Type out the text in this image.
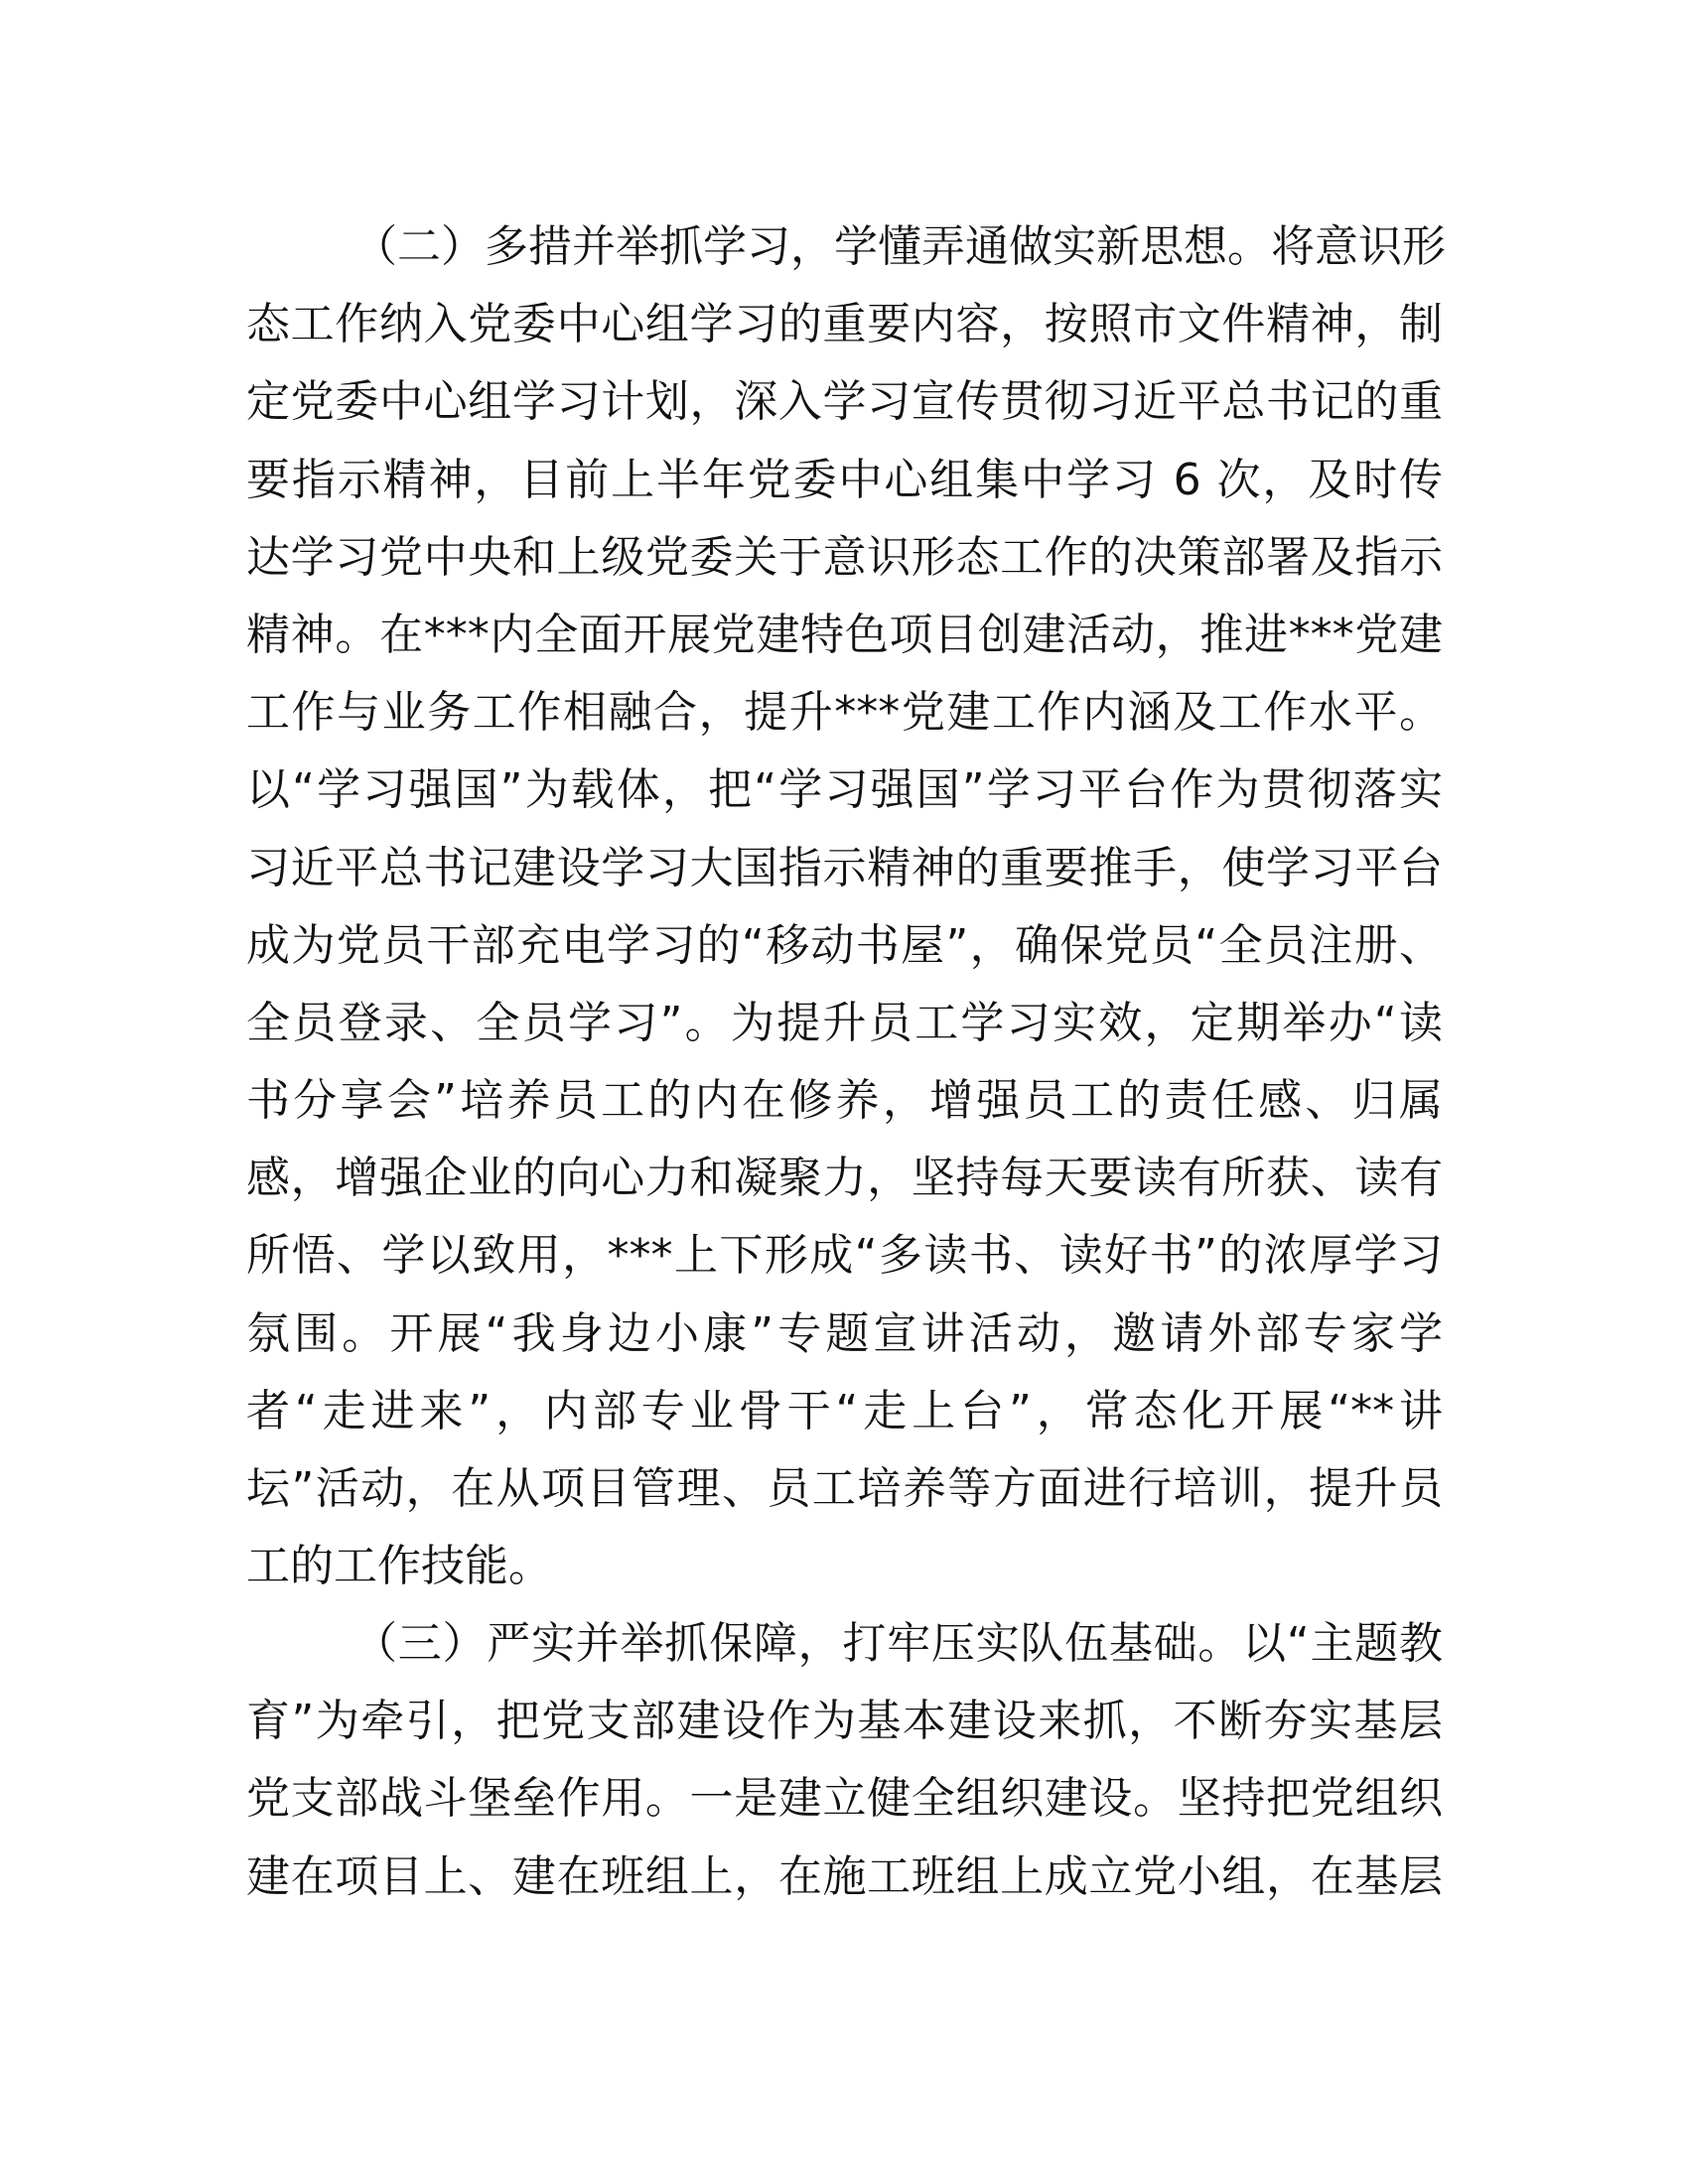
（二）多措并举抓学习，学懂弄通做实新思想。将意识形
态工作纳入党委中心组学习的重要内容，按照市文件精神，制
定党委中心组学习计划，深入学习宣传贯彻习近平总书记的重
要指示精神，目前上半年党委中心组集中学习 6 次，及时传
达学习党中央和上级党委关于意识形态工作的决策部署及指示
精神。在***内全面开展党建特色项目创建活动，推进***党建
工作与业务工作相融合，提升***党建工作内涵及工作水平。
以“学习强国”为载体，把“学习强国”学习平台作为贯彻落实
习近平总书记建设学习大国指示精神的重要推手，使学习平台
成为党员干部充电学习的“移动书屋”，确保党员“全员注册、
全员登录、全员学习”。为提升员工学习实效，定期举办“读
书分享会”培养员工的内在修养，增强员工的责任感、归属
感，增强企业的向心力和凝聚力，坚持每天要读有所获、读有
所悟、学以致用，***上下形成“多读书、读好书”的浓厚学习
氛围。开展“我身边小康”专题宣讲活动，邀请外部专家学
者“走进来”，内部专业骨干“走上台”，常态化开展“**讲
坛”活动，在从项目管理、员工培养等方面进行培训，提升员
工的工作技能。
（三）严实并举抓保障，打牢压实队伍基础。以“主题教
育”为牵引，把党支部建设作为基本建设来抓，不断夯实基层
党支部战斗堡垒作用。一是建立健全组织建设。坚持把党组织
建在项目上、建在班组上，在施工班组上成立党小组，在基层
